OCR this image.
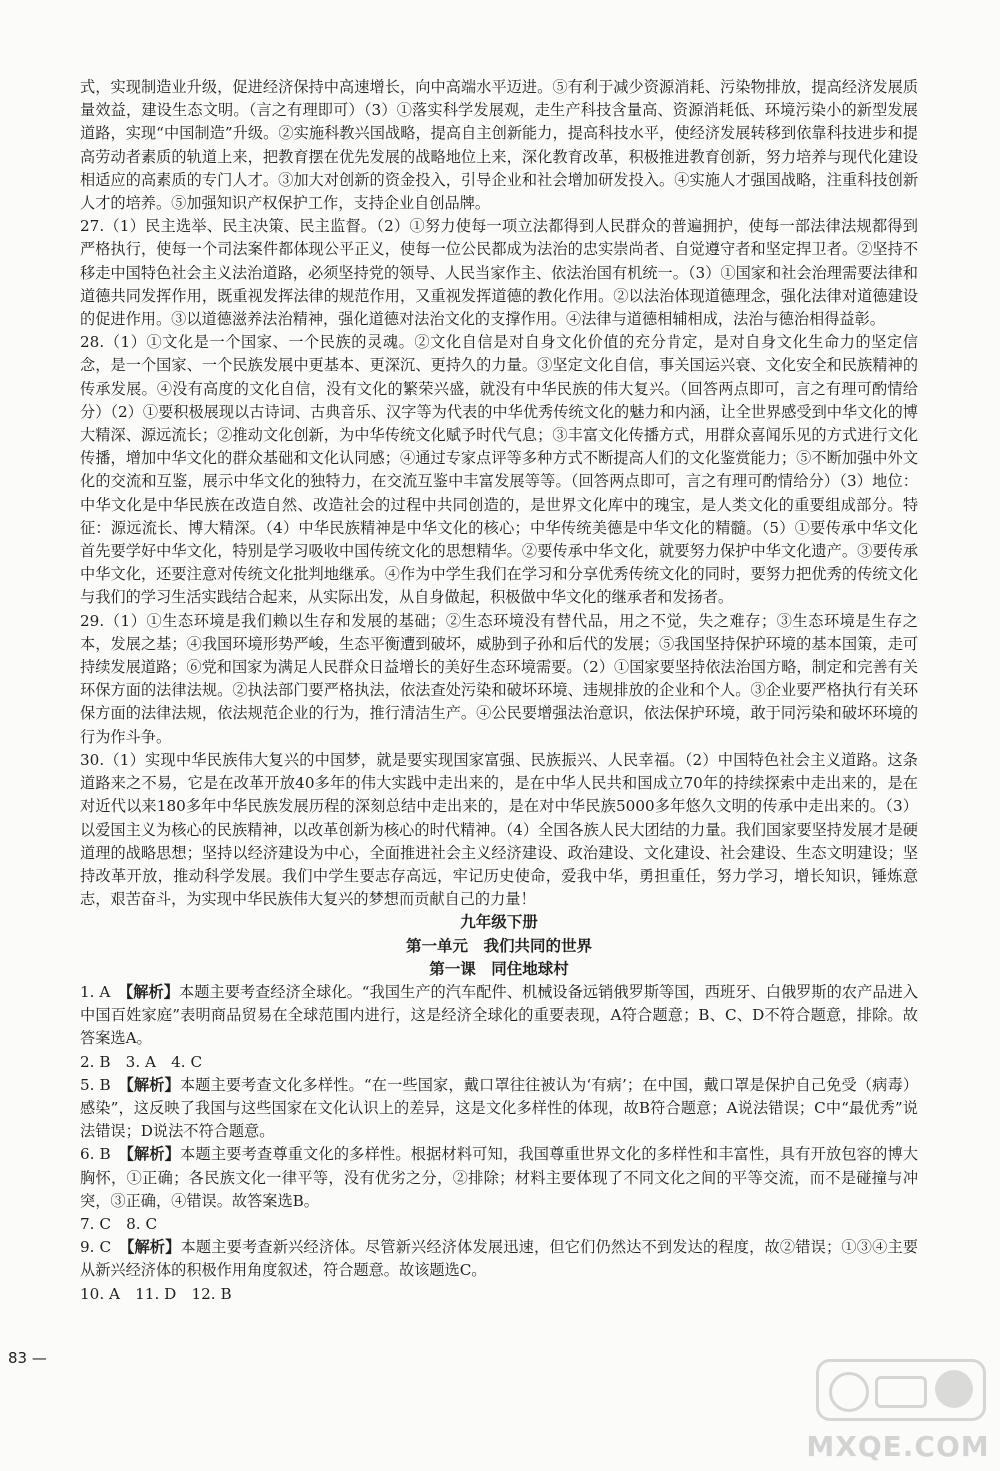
式，实现制造业升级，促进经济保持中高速增长，向中高端水平迈进。⑤有利于减少资源消耗、污染物排放，提高经济发展质量效益，建设生态文明。（言之有理即可）（3）①落实科学发展观，走生产科技含量高、资源消耗低、环境污染小的新型发展道路，实现“中国制造”升级。②实施科教兴国战略，提高自主创新能力，提高科技水平，使经济发展转移到依靠科技进步和提高劳动者素质的轨道上来，把教育摆在优先发展的战略地位上来，深化教育改革，积极推进教育创新，努力培养与现代化建设相适应的高素质的专门人才。③加大对创新的资金投入，引导企业和社会增加研发投入。④实施人才强国战略，注重科技创新人才的培养。⑤加强知识产权保护工作，支持企业自创品牌。

27.（1）民主选举、民主决策、民主监督。（2）①努力使每一项立法都得到人民群众的普遍拥护，使每一部法律法规都得到严格执行，使每一个司法案件都体现公平正义，使每一位公民都成为法治的忠实崇尚者、自觉遵守者和坚定捍卫者。②坚持不移走中国特色社会主义法治道路，必须坚持党的领导、人民当家作主、依法治国有机统一。（3）①国家和社会治理需要法律和道德共同发挥作用，既重视发挥法律的规范作用，又重视发挥道德的教化作用。②以法治体现道德理念，强化法律对道德建设的促进作用。③以道德滋养法治精神，强化道德对法治文化的支撑作用。④法律与道德相辅相成，法治与德治相得益彰。

28.（1）①文化是一个国家、一个民族的灵魂。②文化自信是对自身文化价值的充分肯定，是对自身文化生命力的坚定信念，是一个国家、一个民族发展中更基本、更深沉、更持久的力量。③坚定文化自信，事关国运兴衰、文化安全和民族精神的传承发展。④没有高度的文化自信，没有文化的繁荣兴盛，就没有中华民族的伟大复兴。（回答两点即可，言之有理可酌情给分）（2）①要积极展现以古诗词、古典音乐、汉字等为代表的中华优秀传统文化的魅力和内涵，让全世界感受到中华文化的博大精深、源远流长；②推动文化创新，为中华传统文化赋予时代气息；③丰富文化传播方式，用群众喜闻乐见的方式进行文化传播，增加中华文化的群众基础和文化认同感；④通过专家点评等多种方式不断提高人们的文化鉴赏能力；⑤不断加强中外文化的交流和互鉴，展示中华文化的独特力，在交流互鉴中丰富发展等等。（回答两点即可，言之有理可酌情给分）（3）地位：中华文化是中华民族在改造自然、改造社会的过程中共同创造的，是世界文化库中的瑰宝，是人类文化的重要组成部分。特征：源远流长、博大精深。（4）中华民族精神是中华文化的核心；中华传统美德是中华文化的精髓。（5）①要传承中华文化首先要学好中华文化，特别是学习吸收中国传统文化的思想精华。②要传承中华文化，就要努力保护中华文化遗产。③要传承中华文化，还要注意对传统文化批判地继承。④作为中学生我们在学习和分享优秀传统文化的同时，要努力把优秀的传统文化与我们的学习生活实践结合起来，从实际出发，从自身做起，积极做中华文化的继承者和发扬者。

29.（1）①生态环境是我们赖以生存和发展的基础；②生态环境没有替代品，用之不觉，失之难存；③生态环境是生存之本，发展之基；④我国环境形势严峻，生态平衡遭到破坏，威胁到子孙和后代的发展；⑤我国坚持保护环境的基本国策，走可持续发展道路；⑥党和国家为满足人民群众日益增长的美好生态环境需要。（2）①国家要坚持依法治国方略，制定和完善有关环保方面的法律法规。②执法部门要严格执法，依法查处污染和破坏环境、违规排放的企业和个人。③企业要严格执行有关环保方面的法律法规，依法规范企业的行为，推行清洁生产。④公民要增强法治意识，依法保护环境，敢于同污染和破坏环境的行为作斗争。

30.（1）实现中华民族伟大复兴的中国梦，就是要实现国家富强、民族振兴、人民幸福。（2）中国特色社会主义道路。这条道路来之不易，它是在改革开放40多年的伟大实践中走出来的，是在中华人民共和国成立70年的持续探索中走出来的，是在对近代以来180多年中华民族发展历程的深刻总结中走出来的，是在对中华民族5000多年悠久文明的传承中走出来的。（3）以爱国主义为核心的民族精神，以改革创新为核心的时代精神。（4）全国各族人民大团结的力量。我们国家要坚持发展才是硬道理的战略思想；坚持以经济建设为中心，全面推进社会主义经济建设、政治建设、文化建设、社会建设、生态文明建设；坚持改革开放，推动科学发展。我们中学生要志存高远，牢记历史使命，爱我中华，勇担重任，努力学习，增长知识，锤炼意志，艰苦奋斗，为实现中华民族伟大复兴的梦想而贡献自己的力量！

九年级下册
第一单元　我们共同的世界
第一课　同住地球村

1. A　 【解析】本题主要考查经济全球化。“我国生产的汽车配件、机械设备远销俄罗斯等国，西班牙、白俄罗斯的农产品进入中国百姓家庭”表明商品贸易在全球范围内进行，这是经济全球化的重要表现，A符合题意；B、C、D不符合题意，排除。故答案选A。

2. B　3. A　4. C

5. B　 【解析】本题主要考查文化多样性。“在一些国家，戴口罩往往被认为‘有病’；在中国，戴口罩是保护自己免受（病毒）感染”，这反映了我国与这些国家在文化认识上的差异，这是文化多样性的体现，故B符合题意；A说法错误；C中“最优秀”说法错误；D说法不符合题意。

6. B　 【解析】本题主要考查尊重文化的多样性。根据材料可知，我国尊重世界文化的多样性和丰富性，具有开放包容的博大胸怀，①正确；各民族文化一律平等，没有优劣之分，②排除；材料主要体现了不同文化之间的平等交流，而不是碰撞与冲突，③正确，④错误。故答案选B。

7. C　8. C

9. C　 【解析】本题主要考查新兴经济体。尽管新兴经济体发展迅速，但它们仍然达不到发达的程度，故②错误；①③④主要从新兴经济体的积极作用角度叙述，符合题意。故该题选C。

10. A　11. D　12. B

83 —
MXQE.COM
